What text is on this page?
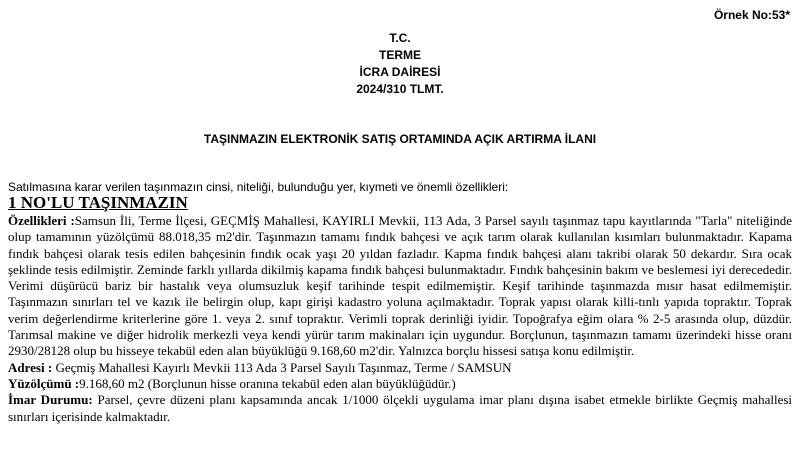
Örnek No:53*
T.C.
TERME
İCRA DAİRESİ
2024/310 TLMT.
TAŞINMAZIN ELEKTRONİK SATIŞ ORTAMINDA AÇIK ARTIRMA İLANI
Satılmasına karar verilen taşınmazın cinsi, niteliği, bulunduğu yer, kıymeti ve önemli özellikleri:
1 NO'LU TAŞINMAZIN

Özellikleri :Samsun İli, Terme İlçesi, GEÇMİŞ Mahallesi, KAYIRLI Mevkii, 113 Ada, 3 Parsel sayılı taşınmaz tapu kayıtlarında "Tarla" niteliğinde olup tamamının yüzölçümü 88.018,35 m2'dir. Taşınmazın tamamı fındık bahçesi ve açık tarım olarak kullanılan kısımları bulunmaktadır. Kapama fındık bahçesi olarak tesis edilen bahçesinin fındık ocak yaşı 20 yıldan fazladır. Kapma fındık bahçesi alanı takribi olarak 50 dekardır. Sıra ocak şeklinde tesis edilmiştir. Zeminde farklı yıllarda dikilmiş kapama fındık bahçesi bulunmaktadır. Fındık bahçesinin bakım ve beslemesi iyi derecededir. Verimi düşürücü bariz bir hastalık veya olumsuzluk keşif tarihinde tespit edilmemiştir. Keşif tarihinde taşınmazda mısır hasat edilmemiştir. Taşınmazın sınırları tel ve kazık ile belirgin olup, kapı girişi kadastro yoluna açılmaktadır. Toprak yapısı olarak killi-tınlı yapıda topraktır. Toprak verim değerlendirme kriterlerine göre 1. veya 2. sınıf topraktır. Verimli toprak derinliği iyidir. Topoğrafya eğim olara % 2-5 arasında olup, düzdür. Tarımsal makine ve diğer hidrolik merkezli veya kendi yürür tarım makinaları için uygundur. Borçlunun, taşınmazın tamamı üzerindeki hisse oranı 2930/28128 olup bu hisseye tekabül eden alan büyüklüğü 9.168,60 m2'dir. Yalnızca borçlu hissesi satışa konu edilmiştir.

Adresi : Geçmiş Mahallesi Kayırlı Mevkii 113 Ada 3 Parsel Sayılı Taşınmaz, Terme / SAMSUN

Yüzölçümü :9.168,60 m2 (Borçlunun hisse oranına tekabül eden alan büyüklüğüdür.)

İmar Durumu: Parsel, çevre düzeni planı kapsamında ancak 1/1000 ölçekli uygulama imar planı dışına isabet etmekle birlikte Geçmiş mahallesi sınırları içerisinde kalmaktadır.
